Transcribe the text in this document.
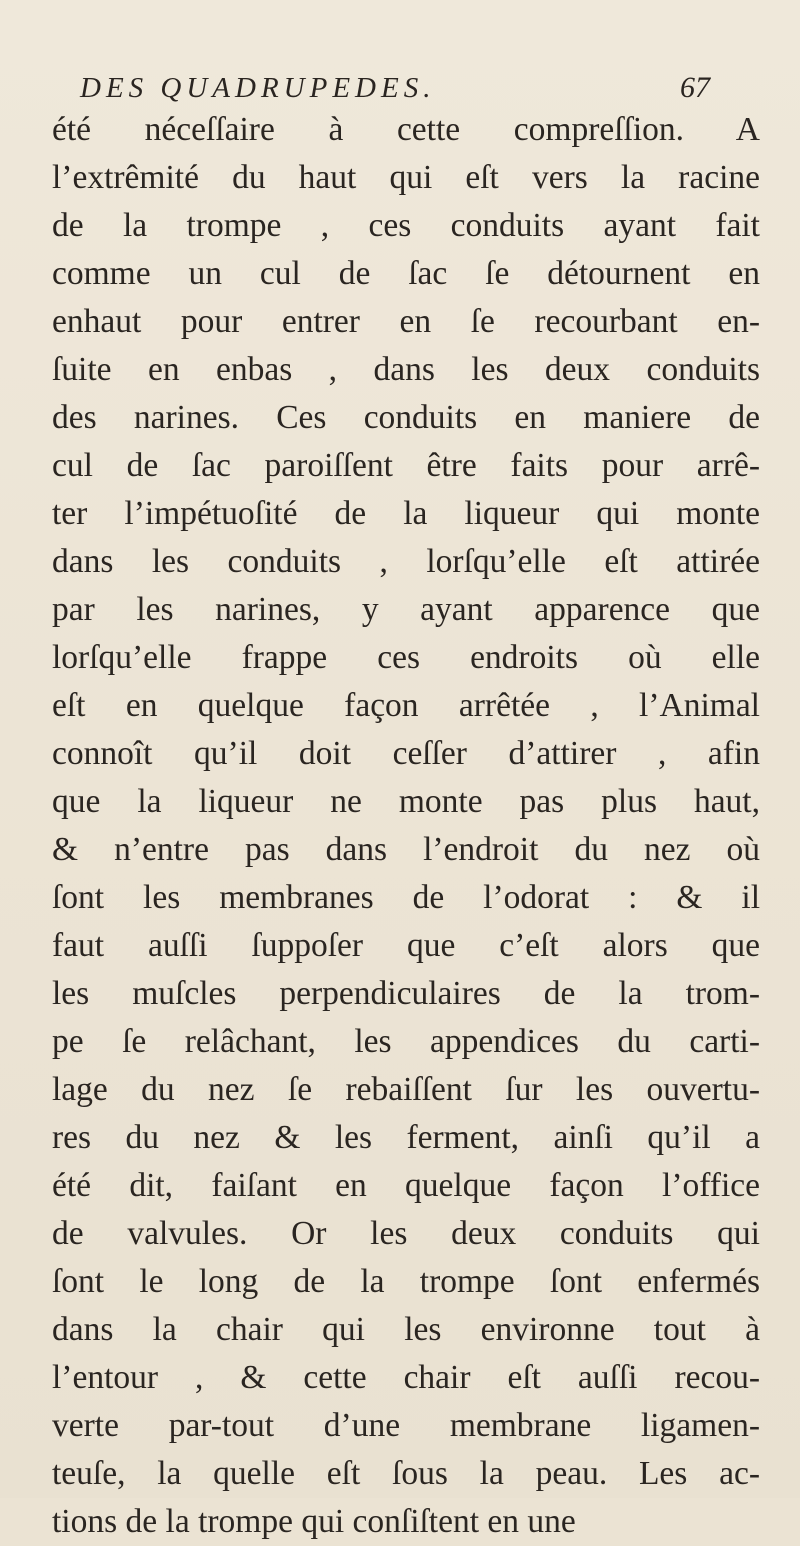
DES QUADRUPEDES.	67
été néceſſaire à cette compreſſion. A
l’extrêmité du haut qui eſt vers la racine
de la trompe , ces conduits ayant fait
comme un cul de ſac ſe détournent en
enhaut pour entrer en ſe recourbant en-
ſuite en enbas , dans les deux conduits
des narines. Ces conduits en maniere de
cul de ſac paroiſſent être faits pour arrê-
ter l’impétuoſité de la liqueur qui monte
dans les conduits , lorſqu’elle eſt attirée
par les narines, y ayant apparence que
lorſqu’elle frappe ces endroits où elle
eſt en quelque façon arrêtée , l’Animal
connoît qu’il doit ceſſer d’attirer , afin
que la liqueur ne monte pas plus haut,
& n’entre pas dans l’endroit du nez où
ſont les membranes de l’odorat : & il
faut auſſi ſuppoſer que c’eſt alors que
les muſcles perpendiculaires de la trom-
pe ſe relâchant, les appendices du carti-
lage du nez ſe rebaiſſent ſur les ouvertu-
res du nez & les ferment, ainſi qu’il a
été dit, faiſant en quelque façon l’office
de valvules. Or les deux conduits qui
ſont le long de la trompe ſont enfermés
dans la chair qui les environne tout à
l’entour , & cette chair eſt auſſi recou-
verte par-tout d’une membrane ligamen-
teuſe, la quelle eſt ſous la peau. Les ac-
tions de la trompe qui conſiſtent en une
